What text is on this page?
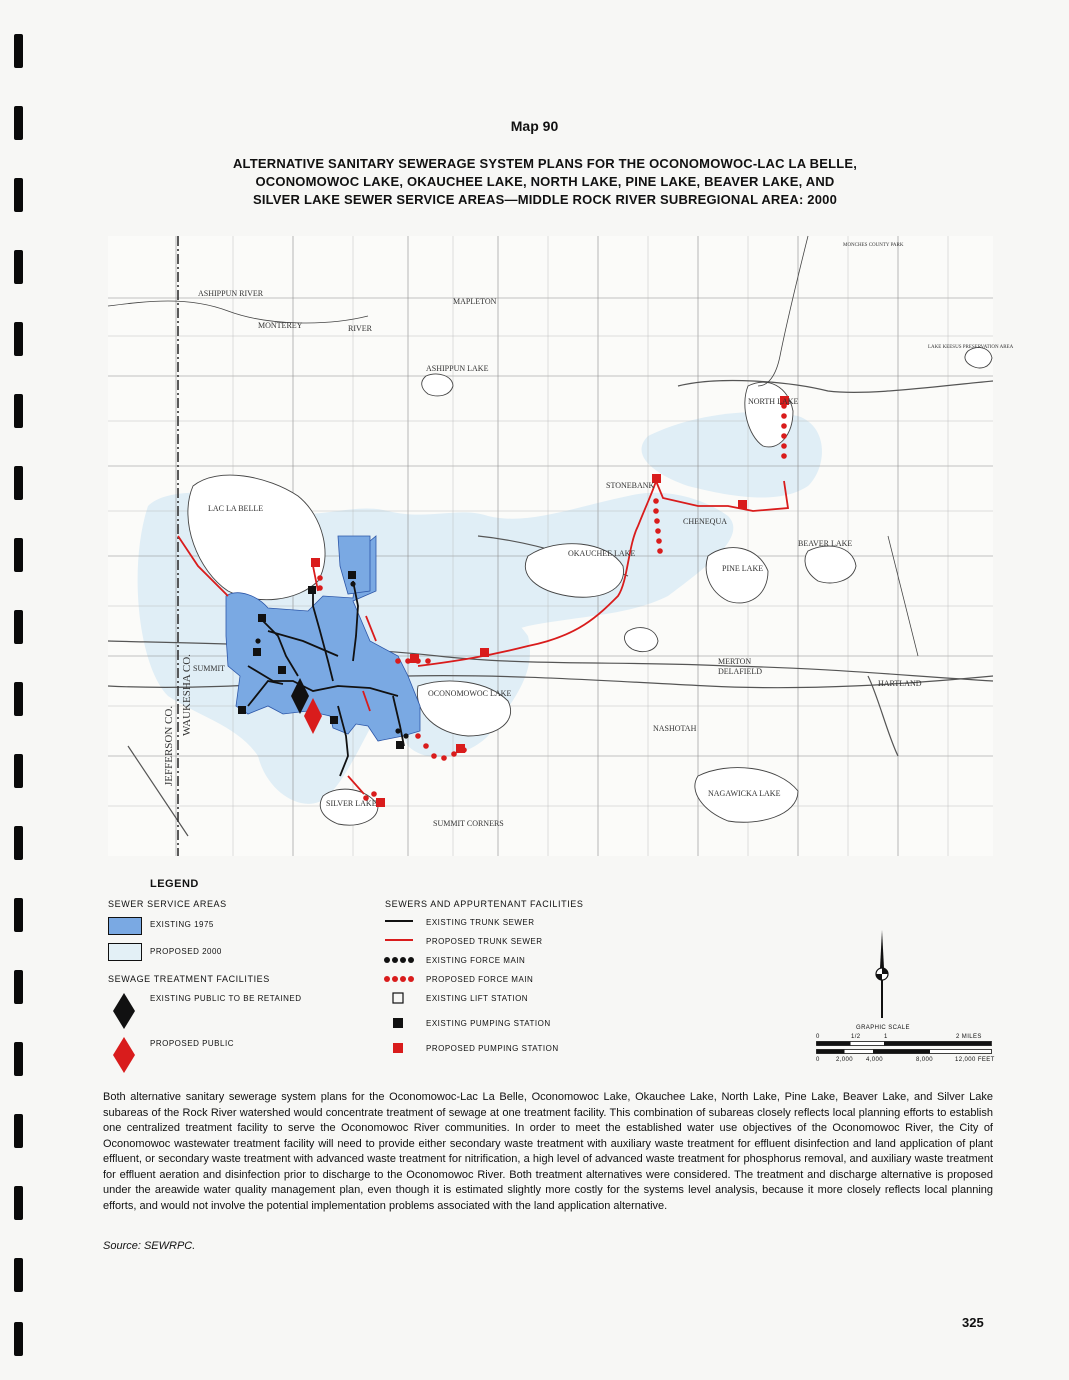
Map 90
ALTERNATIVE SANITARY SEWERAGE SYSTEM PLANS FOR THE OCONOMOWOC-LAC LA BELLE,
OCONOMOWOC LAKE, OKAUCHEE LAKE, NORTH LAKE, PINE LAKE, BEAVER LAKE, AND
SILVER LAKE SEWER SERVICE AREAS—MIDDLE ROCK RIVER SUBREGIONAL AREA: 2000
LAC LA BELLE
OKAUCHEE LAKE
OCONOMOWOC LAKE
SILVER LAKE
NORTH LAKE
PINE LAKE
BEAVER LAKE
NAGAWICKA LAKE
ASHIPPUN LAKE
MONTEREY
MAPLETON
SUMMIT
SUMMIT CORNERS
NASHOTAH
CHENEQUA
MERTON
DELAFIELD
HARTLAND
STONEBANK
RIVER
ASHIPPUN RIVER
LAKE KEESUS PRESERVATION AREA
MONCHES COUNTY PARK
JEFFERSON CO.
WAUKESHA CO.
LEGEND
SEWER SERVICE AREAS
EXISTING 1975
PROPOSED 2000
SEWAGE TREATMENT FACILITIES
EXISTING PUBLIC TO BE RETAINED
PROPOSED PUBLIC
SEWERS AND APPURTENANT FACILITIES
EXISTING TRUNK SEWER
PROPOSED TRUNK SEWER
EXISTING FORCE MAIN
PROPOSED FORCE MAIN
EXISTING LIFT STATION
EXISTING PUMPING STATION
PROPOSED PUMPING STATION
GRAPHIC SCALE
0	1/2	1	2 MILES
0	2,000 4,000	8,000	12,000 FEET
Both alternative sanitary sewerage system plans for the Oconomowoc-Lac La Belle, Oconomowoc Lake, Okauchee Lake, North Lake, Pine Lake, Beaver Lake, and Silver Lake subareas of the Rock River watershed would concentrate treatment of sewage at one treatment facility. This combination of subareas closely reflects local planning efforts to establish one centralized treatment facility to serve the Oconomowoc River communities. In order to meet the established water use objectives of the Oconomowoc River, the City of Oconomowoc wastewater treatment facility will need to provide either secondary waste treatment with auxiliary waste treatment for effluent disinfection and land application of plant effluent, or secondary waste treatment with advanced waste treatment for nitrification, a high level of advanced waste treatment for phosphorus removal, and auxiliary waste treatment for effluent aeration and disinfection prior to discharge to the Oconomowoc River. Both treatment alternatives were considered. The treatment and discharge alternative is proposed under the areawide water quality management plan, even though it is estimated slightly more costly for the systems level analysis, because it more closely reflects local planning efforts, and would not involve the potential implementation problems associated with the land application alternative.
Source: SEWRPC.
325
